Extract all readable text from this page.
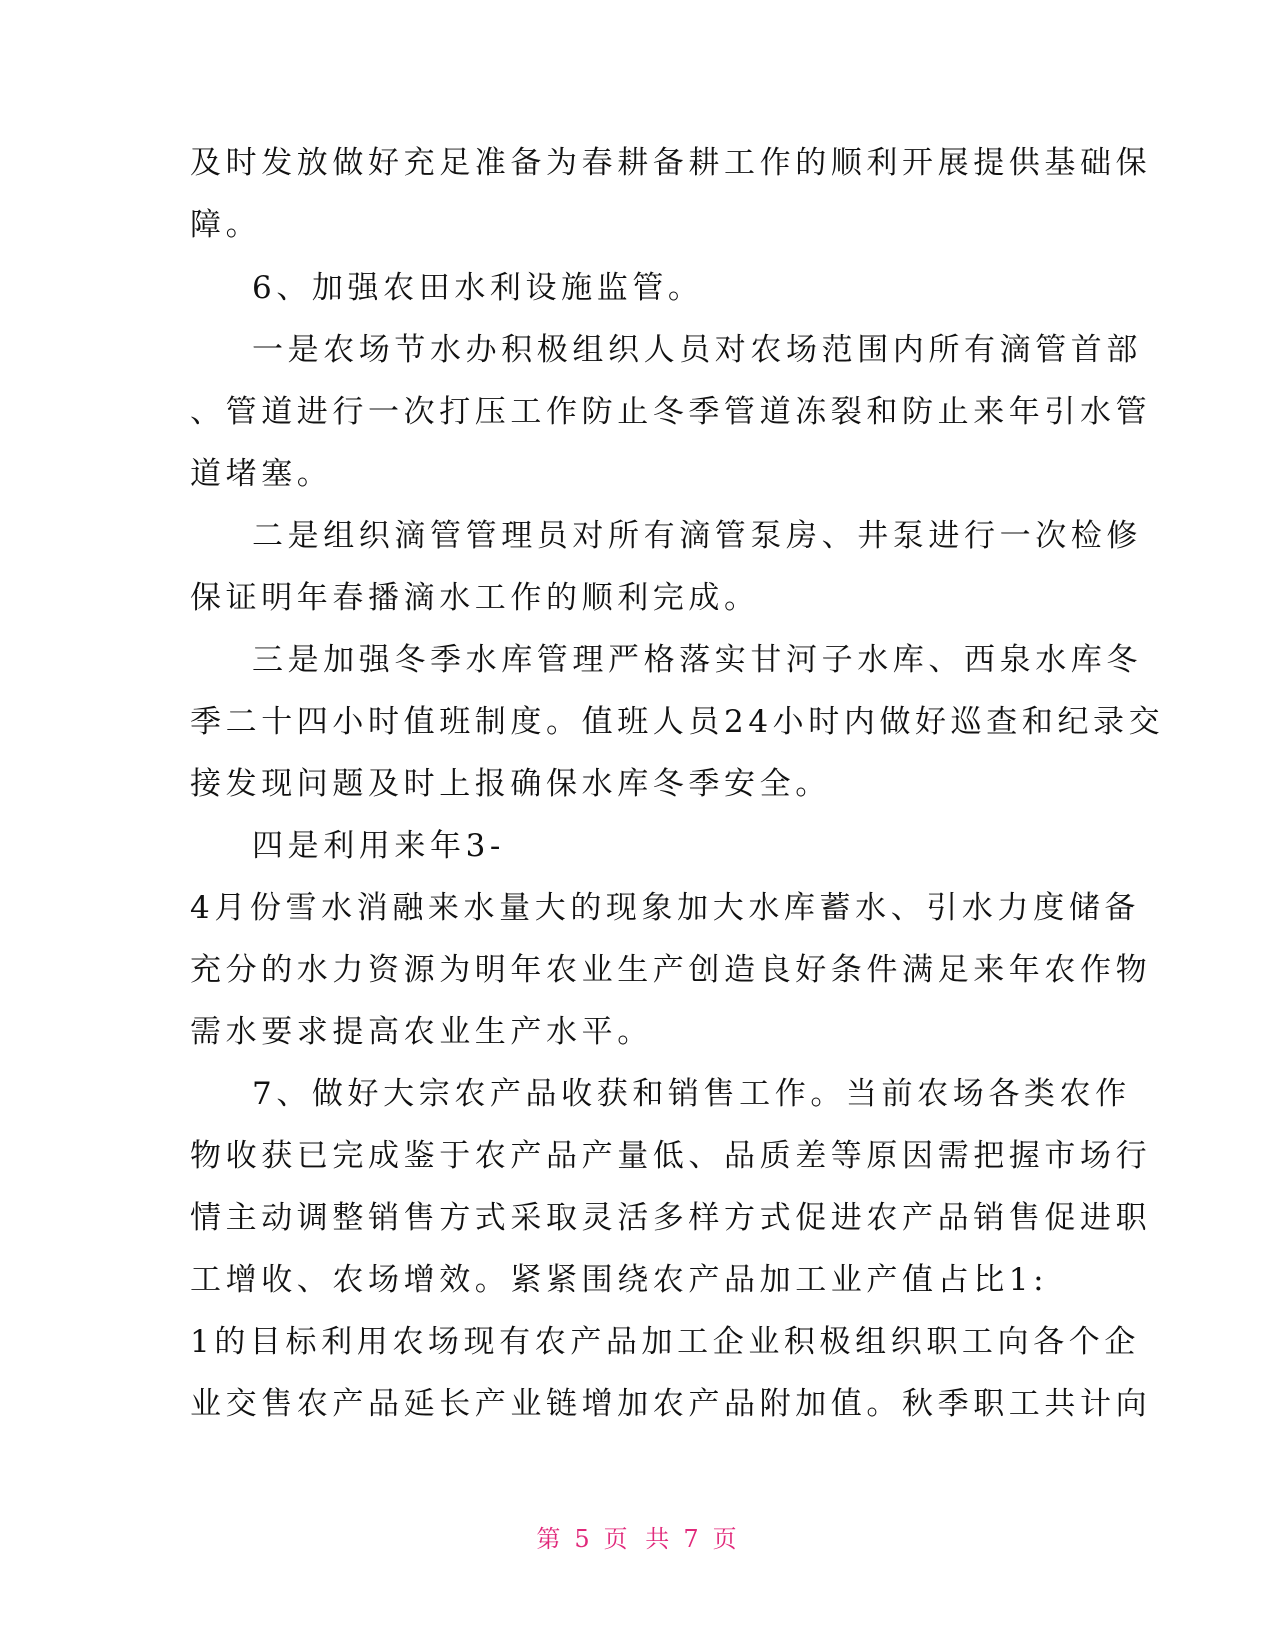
及时发放做好充足准备为春耕备耕工作的顺利开展提供基础保
障。
6、加强农田水利设施监管。
一是农场节水办积极组织人员对农场范围内所有滴管首部
、管道进行一次打压工作防止冬季管道冻裂和防止来年引水管
道堵塞。
二是组织滴管管理员对所有滴管泵房、井泵进行一次检修
保证明年春播滴水工作的顺利完成。
三是加强冬季水库管理严格落实甘河子水库、西泉水库冬
季二十四小时值班制度。值班人员24小时内做好巡查和纪录交
接发现问题及时上报确保水库冬季安全。
四是利用来年3-
4月份雪水消融来水量大的现象加大水库蓄水、引水力度储备
充分的水力资源为明年农业生产创造良好条件满足来年农作物
需水要求提高农业生产水平。
7、做好大宗农产品收获和销售工作。当前农场各类农作
物收获已完成鉴于农产品产量低、品质差等原因需把握市场行
情主动调整销售方式采取灵活多样方式促进农产品销售促进职
工增收、农场增效。紧紧围绕农产品加工业产值占比1:
1的目标利用农场现有农产品加工企业积极组织职工向各个企
业交售农产品延长产业链增加农产品附加值。秋季职工共计向
第 5 页 共 7 页
